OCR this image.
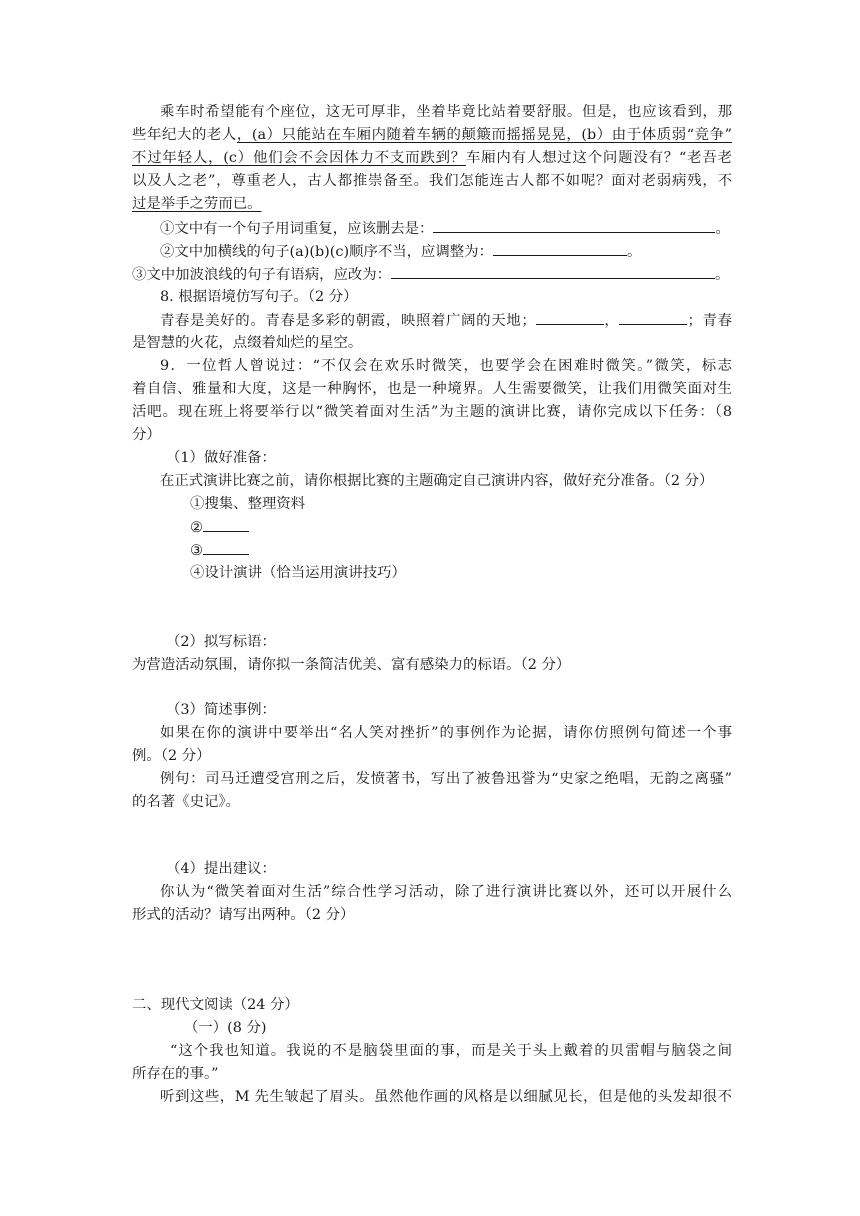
乘车时希望能有个座位，这无可厚非，坐着毕竟比站着要舒服。但是，也应该看到，那
些年纪大的老人，(a）只能站在车厢内随着车辆的颠簸而摇摇晃晃，(b）由于体质弱“竞争”
不过年轻人，(c）他们会不会因体力不支而跌到？车厢内有人想过这个问题没有？“老吾老
以及人之老”，尊重老人，古人都推崇备至。我们怎能连古人都不如呢？面对老弱病残，不
过是举手之劳而已。
①文中有一个句子用词重复，应该删去是：	。
②文中加横线的句子(a)(b)(c)顺序不当，应调整为：	。
③文中加波浪线的句子有语病，应改为：	。
8. 根据语境仿写句子。（2 分）
青春是美好的。青春是多彩的朝霞，映照着广阔的天地；	，	；青春
是智慧的火花，点缀着灿烂的星空。
9．一位哲人曾说过：“不仅会在欢乐时微笑，也要学会在困难时微笑。”微笑，标志
着自信、雅量和大度，这是一种胸怀，也是一种境界。人生需要微笑，让我们用微笑面对生
活吧。现在班上将要举行以“微笑着面对生活”为主题的演讲比赛，请你完成以下任务：（8
分）
（1）做好准备：
在正式演讲比赛之前，请你根据比赛的主题确定自己演讲内容，做好充分准备。（2 分）
①搜集、整理资料
②
③
④设计演讲（恰当运用演讲技巧）
（2）拟写标语：
为营造活动氛围，请你拟一条简洁优美、富有感染力的标语。（2 分）
（3）简述事例：
如果在你的演讲中要举出“名人笑对挫折”的事例作为论据，请你仿照例句简述一个事
例。（2 分）
例句：司马迁遭受宫刑之后，发愤著书，写出了被鲁迅誉为“史家之绝唱，无韵之离骚”
的名著《史记》。
（4）提出建议：
你认为“微笑着面对生活”综合性学习活动，除了进行演讲比赛以外，还可以开展什么
形式的活动？请写出两种。（2 分）
二、现代文阅读（24 分）
（一）(8 分)
“这个我也知道。我说的不是脑袋里面的事，而是关于头上戴着的贝雷帽与脑袋之间
所存在的事。”
听到这些，M 先生皱起了眉头。虽然他作画的风格是以细腻见长，但是他的头发却很不
